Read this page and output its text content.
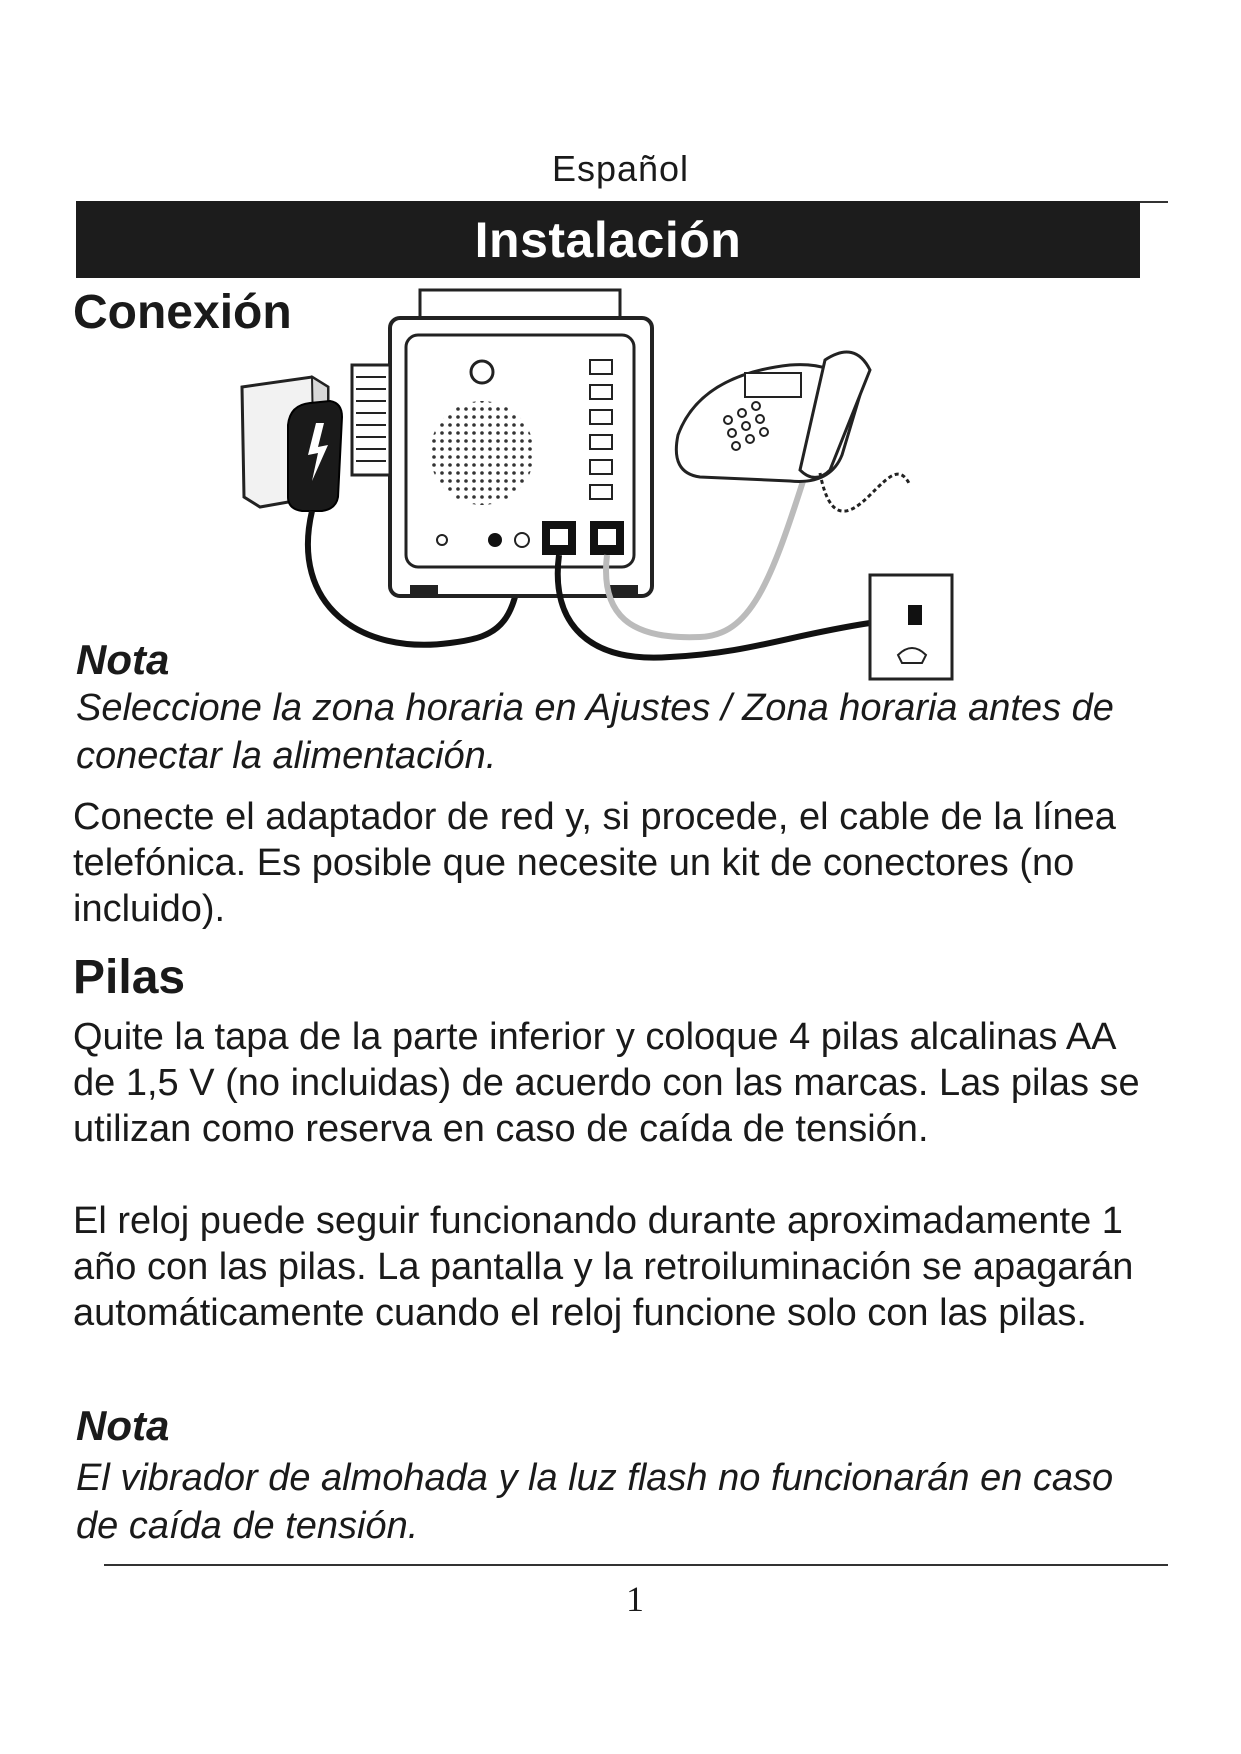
Español
Instalación
Conexión
Nota
Seleccione la zona horaria en Ajustes / Zona horaria antes de conectar la alimentación.
Conecte el adaptador de red y, si procede, el cable de la línea telefónica. Es posible que necesite un kit de conectores (no incluido).
Pilas
Quite la tapa de la parte inferior y coloque 4 pilas alcalinas AA de 1,5 V (no incluidas) de acuerdo con las marcas. Las pilas se utilizan como reserva en caso de caída de tensión.
El reloj puede seguir funcionando durante aproximadamente 1 año con las pilas. La pantalla y la retroiluminación se apagarán automáticamente cuando el reloj funcione solo con las pilas.
Nota
El vibrador de almohada y la luz flash no funcionarán en caso de caída de tensión.
1
